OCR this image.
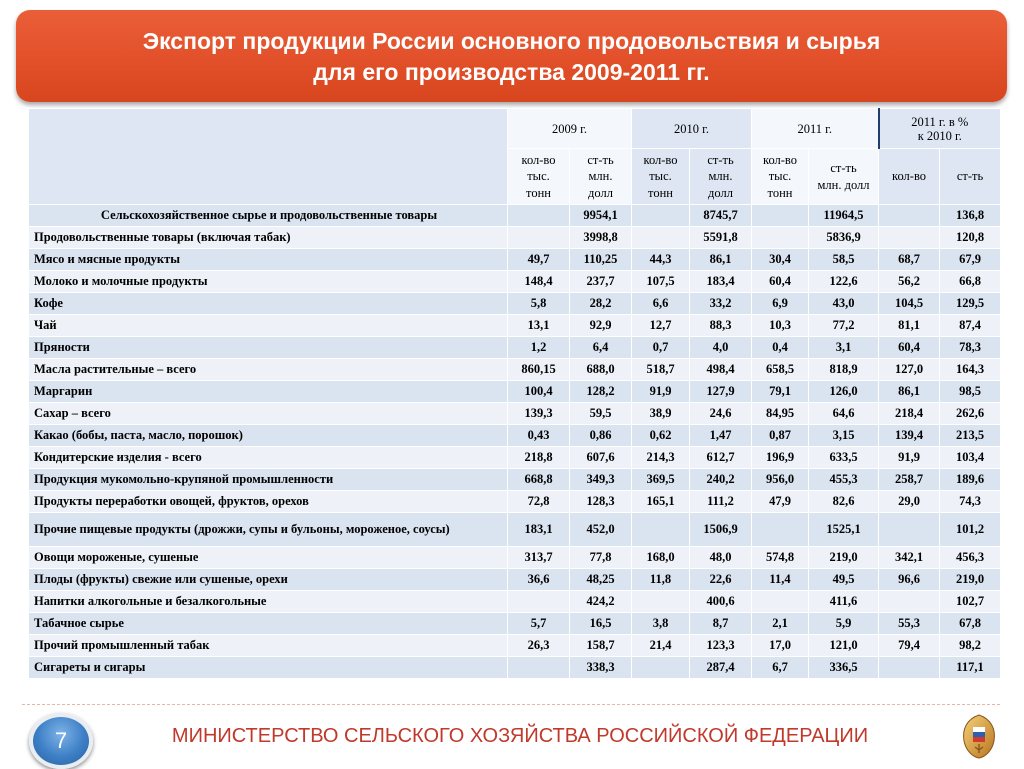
Экспорт продукции России основного продовольствия и сырья
для его производства 2009-2011 гг.
	2009 г.		2010 г.		2011 г.		2011 г. в %
к 2010 г.	
	кол-во
тыс.
тонн	ст-ть
млн.
долл	кол-во
тыс.
тонн	ст-ть
млн.
долл	кол-во
тыс.
тонн	ст-ть
млн. долл	кол-во	ст-ть
Сельскохозяйственное сырье и продовольственные товары		9954,1		8745,7		11964,5		136,8
Продовольственные товары (включая табак)		3998,8		5591,8		5836,9		120,8
Мясо и мясные продукты	49,7	110,25	44,3	86,1	30,4	58,5	68,7	67,9
Молоко и молочные продукты	148,4	237,7	107,5	183,4	60,4	122,6	56,2	66,8
Кофе	5,8	28,2	6,6	33,2	6,9	43,0	104,5	129,5
Чай	13,1	92,9	12,7	88,3	10,3	77,2	81,1	87,4
Пряности	1,2	6,4	0,7	4,0	0,4	3,1	60,4	78,3
Масла растительные – всего	860,15	688,0	518,7	498,4	658,5	818,9	127,0	164,3
Маргарин	100,4	128,2	91,9	127,9	79,1	126,0	86,1	98,5
Сахар – всего	139,3	59,5	38,9	24,6	84,95	64,6	218,4	262,6
Какао (бобы, паста, масло, порошок)	0,43	0,86	0,62	1,47	0,87	3,15	139,4	213,5
Кондитерские изделия - всего	218,8	607,6	214,3	612,7	196,9	633,5	91,9	103,4
Продукция мукомольно-крупяной промышленности	668,8	349,3	369,5	240,2	956,0	455,3	258,7	189,6
Продукты переработки овощей, фруктов, орехов	72,8	128,3	165,1	111,2	47,9	82,6	29,0	74,3
Прочие пищевые продукты (дрожжи, супы и бульоны, мороженое, соусы)	183,1	452,0		1506,9		1525,1		101,2
Овощи мороженые, сушеные	313,7	77,8	168,0	48,0	574,8	219,0	342,1	456,3
Плоды (фрукты) свежие или сушеные, орехи	36,6	48,25	11,8	22,6	11,4	49,5	96,6	219,0
Напитки алкогольные и безалкогольные		424,2		400,6		411,6		102,7
Табачное сырье	5,7	16,5	3,8	8,7	2,1	5,9	55,3	67,8
Прочий промышленный табак	26,3	158,7	21,4	123,3	17,0	121,0	79,4	98,2
Сигареты и сигары		338,3		287,4	6,7	336,5		117,1
7	МИНИСТЕРСТВО СЕЛЬСКОГО ХОЗЯЙСТВА РОССИЙСКОЙ ФЕДЕРАЦИИ
